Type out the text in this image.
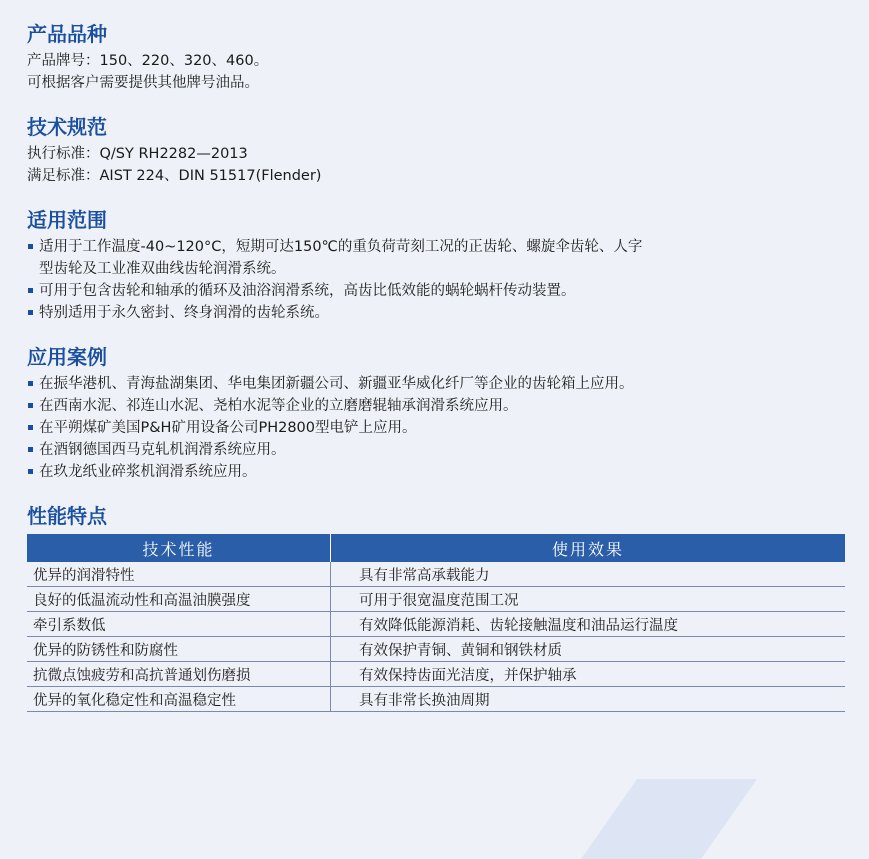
产品品种
产品牌号：150、220、320、460。
可根据客户需要提供其他牌号油品。
技术规范
执行标准：Q/SY RH2282—2013
满足标准：AIST 224、DIN 51517(Flender)
适用范围
适用于工作温度-40~120°C，短期可达150℃的重负荷苛刻工况的正齿轮、螺旋伞齿轮、人字
型齿轮及工业准双曲线齿轮润滑系统。
可用于包含齿轮和轴承的循环及油浴润滑系统，高齿比低效能的蜗轮蜗杆传动装置。
特别适用于永久密封、终身润滑的齿轮系统。
应用案例
在振华港机、青海盐湖集团、华电集团新疆公司、新疆亚华威化纤厂等企业的齿轮箱上应用。
在西南水泥、祁连山水泥、尧柏水泥等企业的立磨磨辊轴承润滑系统应用。
在平朔煤矿美国P&H矿用设备公司PH2800型电铲上应用。
在酒钢德国西马克轧机润滑系统应用。
在玖龙纸业碎浆机润滑系统应用。
性能特点
技术性能	使用效果
优异的润滑特性	具有非常高承载能力
良好的低温流动性和高温油膜强度	可用于很宽温度范围工况
牵引系数低	有效降低能源消耗、齿轮接触温度和油品运行温度
优异的防锈性和防腐性	有效保护青铜、黄铜和钢铁材质
抗微点蚀疲劳和高抗普通划伤磨损	有效保持齿面光洁度，并保护轴承
优异的氧化稳定性和高温稳定性	具有非常长换油周期
